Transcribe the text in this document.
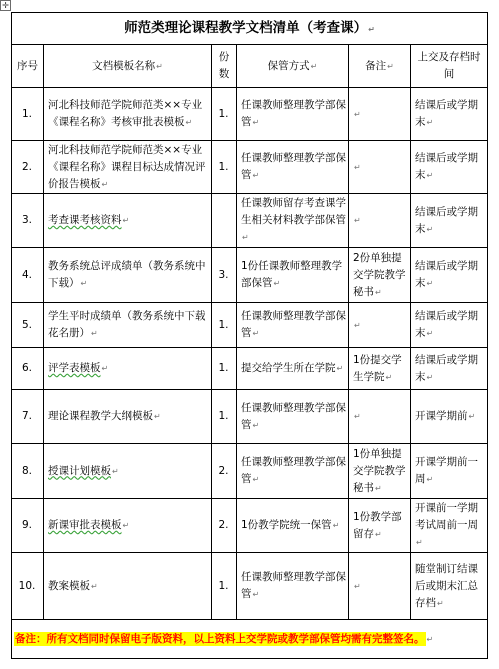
✛
师范类理论课程教学文档清单（考查课）↵					
序号	文档模板名称↵	份数	保管方式↵	备注↵	上交及存档时间
1.	河北科技师范学院师范类××专业《课程名称》考核审批表模板↵	1.	任课教师整理教学部保管↵	↵	结课后或学期末↵
2.	河北科技师范学院师范类××专业《课程名称》课程目标达成情况评价报告模板↵	1.	任课教师整理教学部保管↵	↵	结课后或学期末↵
3.	考查课考核资料↵		任课教师留存考查课学生相关材料教学部保管↵	↵	结课后或学期末↵
4.	教务系统总评成绩单（教务系统中下载）↵	3.	1份任课教师整理教学部保管↵	2份单独提交学院教学秘书↵	结课后或学期末↵
5.	学生平时成绩单（教务系统中下载花名册）↵	1.	任课教师整理教学部保管↵	↵	结课后或学期末↵
6.	评学表模板↵	1.	提交给学生所在学院↵	1份提交学生学院↵	结课后或学期末↵
7.	理论课程教学大纲模板↵	1.	任课教师整理教学部保管↵	↵	开课学期前↵
8.	授课计划模板↵	2.	任课教师整理教学部保管↵	1份单独提交学院教学秘书↵	开课学期前一周↵
9.	新课审批表模板↵	2.	1份教学院统一保管↵	1份教学部留存↵	开课前一学期考试周前一周↵
10.	教案模板↵	1.	任课教师整理教学部保管↵	↵	随堂制订结课后或期末汇总存档↵
备注：所有文档同时保留电子版资料，以上资料上交学院或教学部保管均需有完整签名。 ↵					
